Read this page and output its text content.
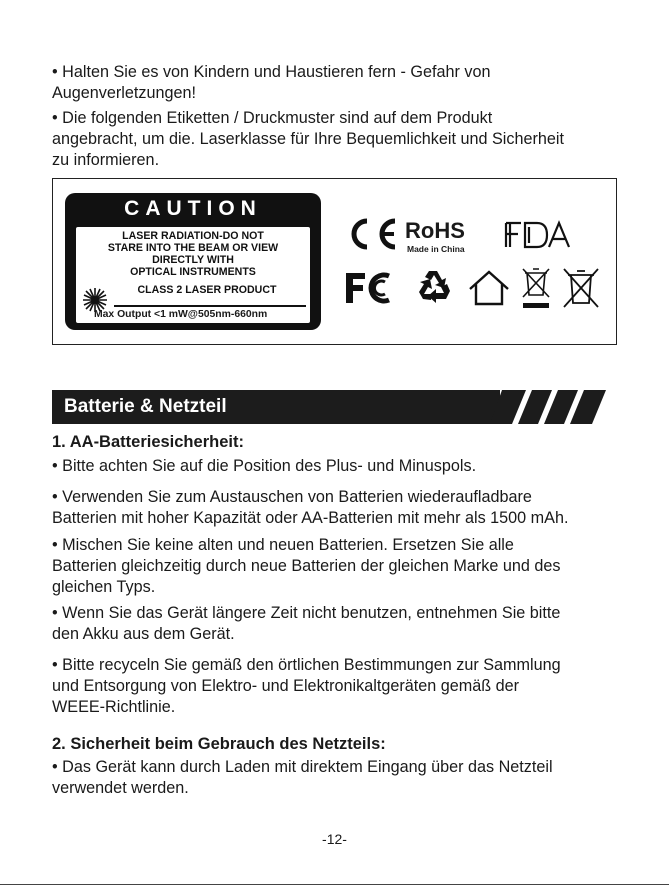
• Halten Sie es von Kindern und Haustieren fern - Gefahr von
Augenverletzungen!
• Die folgenden Etiketten / Druckmuster sind auf dem Produkt
angebracht, um die. Laserklasse für Ihre Bequemlichkeit und Sicherheit
zu informieren.
CAUTION
LASER RADIATION-DO NOT
STARE INTO THE BEAM OR VIEW
DIRECTLY WITH
OPTICAL INSTRUMENTS
CLASS 2 LASER PRODUCT
Max Output <1 mW@505nm-660nm
RoHS
Made in China
Batterie & Netzteil
1. AA-Batteriesicherheit:
• Bitte achten Sie auf die Position des Plus- und Minuspols.
• Verwenden Sie zum Austauschen von Batterien wiederaufladbare
Batterien mit hoher Kapazität oder AA-Batterien mit mehr als 1500 mAh.
• Mischen Sie keine alten und neuen Batterien. Ersetzen Sie alle
Batterien gleichzeitig durch neue Batterien der gleichen Marke und des
gleichen Typs.
• Wenn Sie das Gerät längere Zeit nicht benutzen, entnehmen Sie bitte
den Akku aus dem Gerät.
• Bitte recyceln Sie gemäß den örtlichen Bestimmungen zur Sammlung
und Entsorgung von Elektro- und Elektronikaltgeräten gemäß der
WEEE-Richtlinie.
2. Sicherheit beim Gebrauch des Netzteils:
• Das Gerät kann durch Laden mit direktem Eingang über das Netzteil
verwendet werden.
-12-
